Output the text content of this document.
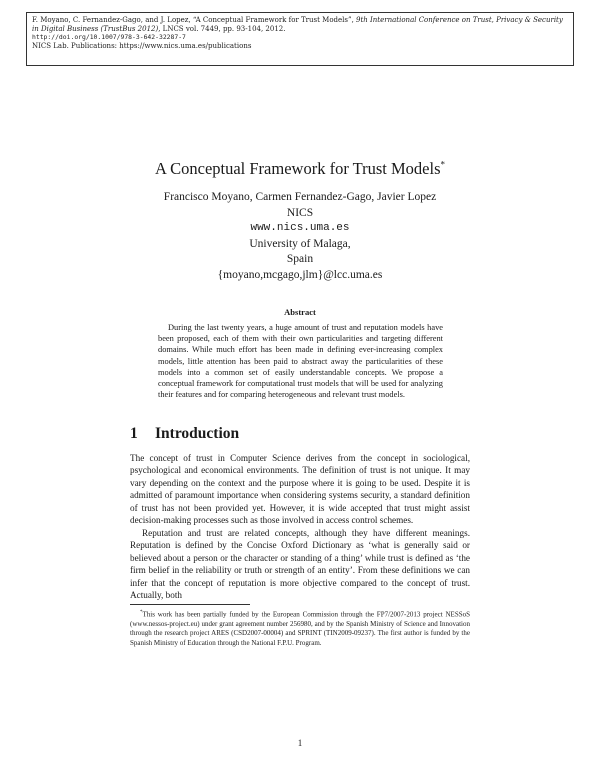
F. Moyano, C. Fernandez-Gago, and J. Lopez, “A Conceptual Framework for Trust Models”, 9th International Conference on Trust, Privacy & Security in Digital Business (TrustBus 2012), LNCS vol. 7449, pp. 93-104, 2012.
http://doi.org/10.1007/978-3-642-32287-7
NICS Lab. Publications: https://www.nics.uma.es/publications
A Conceptual Framework for Trust Models*
Francisco Moyano, Carmen Fernandez-Gago, Javier Lopez
NICS
www.nics.uma.es
University of Malaga,
Spain
{moyano,mcgago,jlm}@lcc.uma.es
Abstract
During the last twenty years, a huge amount of trust and reputation models have been proposed, each of them with their own particularities and targeting different domains. While much effort has been made in defining ever-increasing complex models, little attention has been paid to abstract away the particularities of these models into a common set of easily understandable concepts. We propose a conceptual framework for computational trust models that will be used for analyzing their features and for comparing heterogeneous and relevant trust models.
1 Introduction

The concept of trust in Computer Science derives from the concept in sociological, psychological and economical environments. The definition of trust is not unique. It may vary depending on the context and the purpose where it is going to be used. Despite it is admitted of paramount importance when considering systems security, a standard definition of trust has not been provided yet. However, it is wide accepted that trust might assist decision-making processes such as those involved in access control schemes.

Reputation and trust are related concepts, although they have different meanings. Reputation is defined by the Concise Oxford Dictionary as ‘what is generally said or believed about a person or the character or standing of a thing’ while trust is defined as ‘the firm belief in the reliability or truth or strength of an entity’. From these definitions we can infer that the concept of reputation is more objective compared to the concept of trust. Actually, both

*This work has been partially funded by the European Commission through the FP7/2007-2013 project NESSoS (www.nessos-project.eu) under grant agreement number 256980, and by the Spanish Ministry of Science and Innovation through the research project ARES (CSD2007-00004) and SPRINT (TIN2009-09237). The first author is funded by the Spanish Ministry of Education through the National F.P.U. Program.
1
